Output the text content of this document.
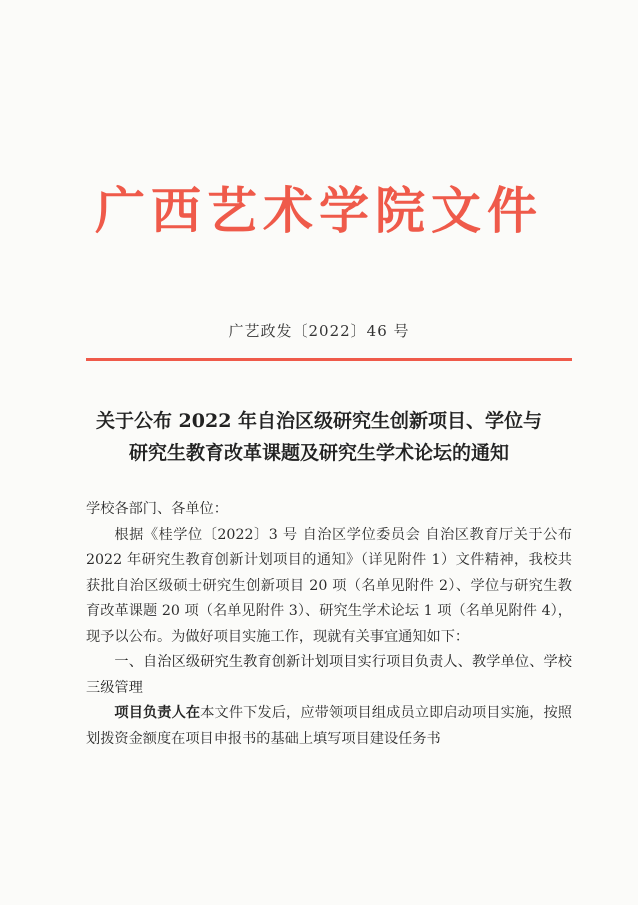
广西艺术学院文件
广艺政发〔2022〕46 号
关于公布 2022 年自治区级研究生创新项目、学位与
研究生教育改革课题及研究生学术论坛的通知

学校各部门、各单位：

根据《桂学位〔2022〕3 号 自治区学位委员会 自治区教育厅关于公布 2022 年研究生教育创新计划项目的通知》（详见附件 1）文件精神，我校共获批自治区级硕士研究生创新项目 20 项（名单见附件 2）、学位与研究生教育改革课题 20 项（名单见附件 3）、研究生学术论坛 1 项（名单见附件 4），现予以公布。为做好项目实施工作，现就有关事宜通知如下：

一、自治区级研究生教育创新计划项目实行项目负责人、教学单位、学校三级管理

项目负责人在本文件下发后，应带领项目组成员立即启动项目实施，按照划拨资金额度在项目申报书的基础上填写项目建设任务书
